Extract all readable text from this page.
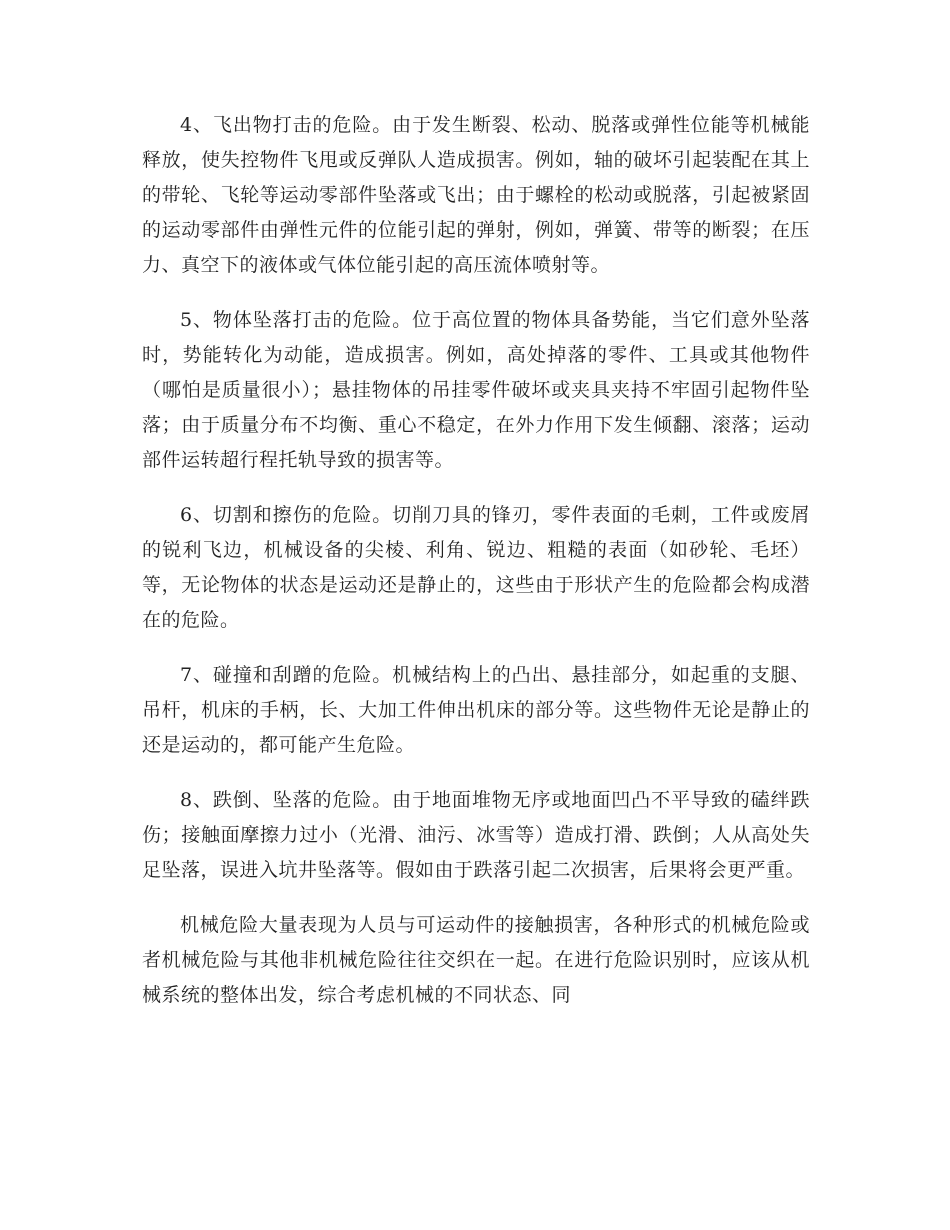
4、飞出物打击的危险。由于发生断裂、松动、脱落或弹性位能等机械能释放，使失控物件飞甩或反弹队人造成损害。例如，轴的破坏引起装配在其上的带轮、飞轮等运动零部件坠落或飞出；由于螺栓的松动或脱落，引起被紧固的运动零部件由弹性元件的位能引起的弹射，例如，弹簧、带等的断裂；在压力、真空下的液体或气体位能引起的高压流体喷射等。

5、物体坠落打击的危险。位于高位置的物体具备势能，当它们意外坠落时，势能转化为动能，造成损害。例如，高处掉落的零件、工具或其他物件（哪怕是质量很小）；悬挂物体的吊挂零件破坏或夹具夹持不牢固引起物件坠落；由于质量分布不均衡、重心不稳定，在外力作用下发生倾翻、滚落；运动部件运转超行程托轨导致的损害等。

6、切割和擦伤的危险。切削刀具的锋刃，零件表面的毛刺，工件或废屑的锐利飞边，机械设备的尖棱、利角、锐边、粗糙的表面（如砂轮、毛坯）等，无论物体的状态是运动还是静止的，这些由于形状产生的危险都会构成潜在的危险。

7、碰撞和刮蹭的危险。机械结构上的凸出、悬挂部分，如起重的支腿、吊杆，机床的手柄，长、大加工件伸出机床的部分等。这些物件无论是静止的还是运动的，都可能产生危险。

8、跌倒、坠落的危险。由于地面堆物无序或地面凹凸不平导致的磕绊跌伤；接触面摩擦力过小（光滑、油污、冰雪等）造成打滑、跌倒；人从高处失足坠落，误进入坑井坠落等。假如由于跌落引起二次损害，后果将会更严重。

机械危险大量表现为人员与可运动件的接触损害，各种形式的机械危险或者机械危险与其他非机械危险往往交织在一起。在进行危险识别时，应该从机械系统的整体出发，综合考虑机械的不同状态、同
